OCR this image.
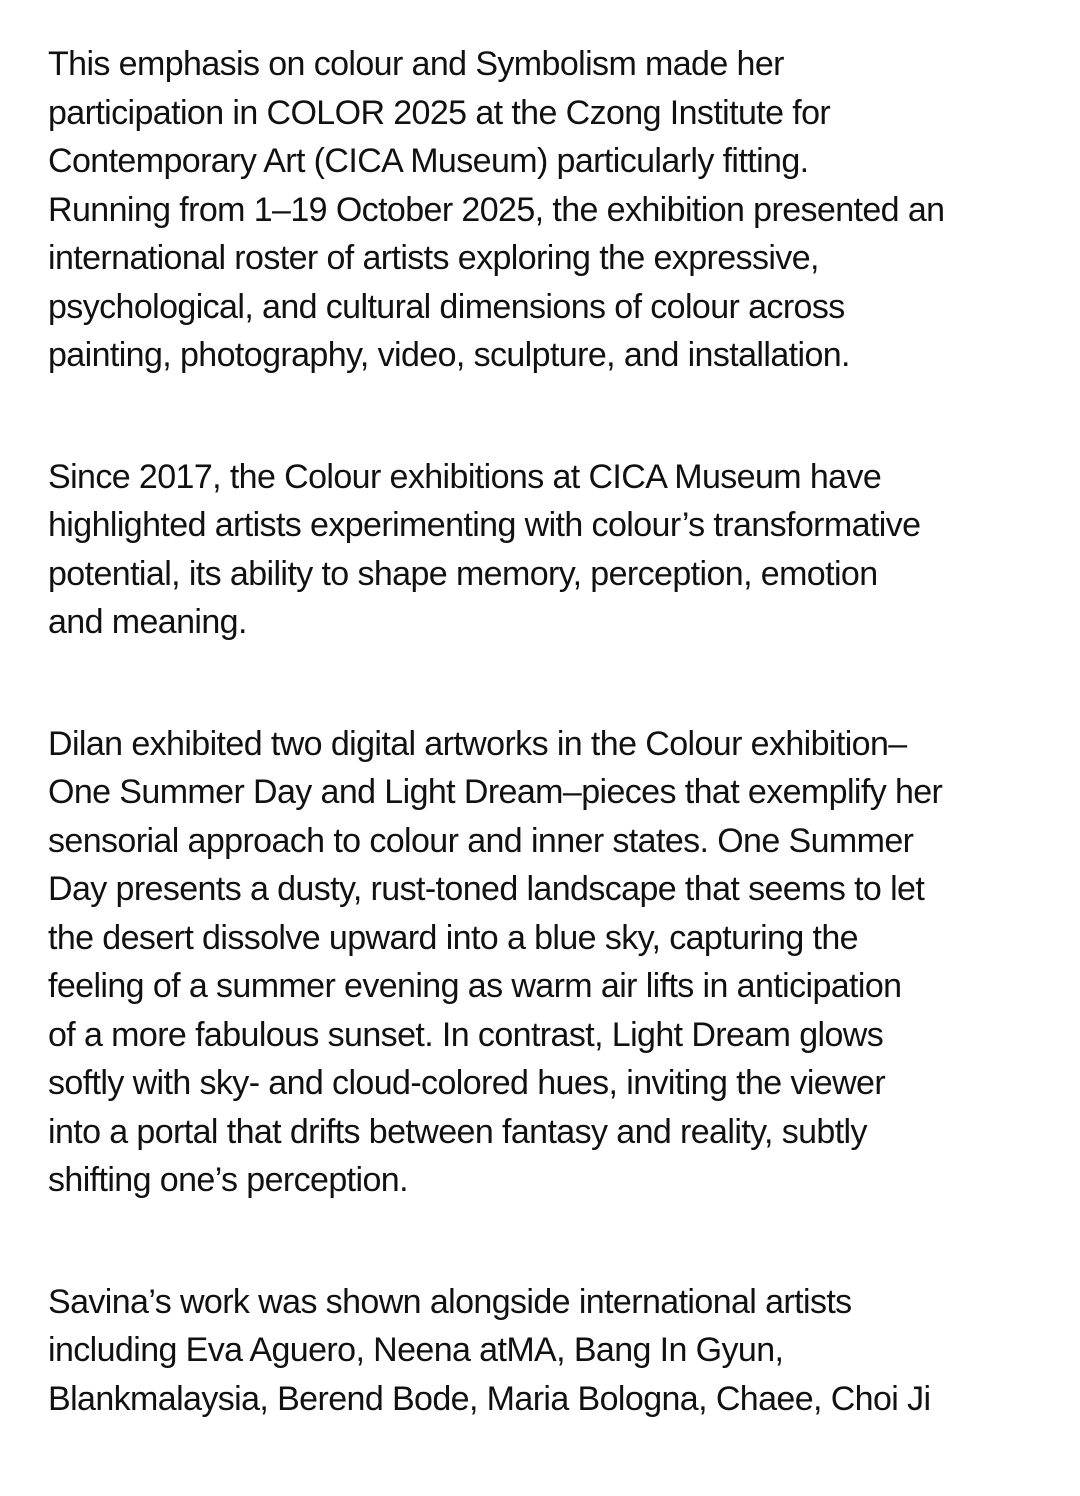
This emphasis on colour and Symbolism made her
participation in COLOR 2025 at the Czong Institute for
Contemporary Art (CICA Museum) particularly fitting.
Running from 1–19 October 2025, the exhibition presented an
international roster of artists exploring the expressive,
psychological, and cultural dimensions of colour across
painting, photography, video, sculpture, and installation.

Since 2017, the Colour exhibitions at CICA Museum have
highlighted artists experimenting with colour’s transformative
potential, its ability to shape memory, perception, emotion
and meaning.

Dilan exhibited two digital artworks in the Colour exhibition–
One Summer Day and Light Dream–pieces that exemplify her
sensorial approach to colour and inner states. One Summer
Day presents a dusty, rust-toned landscape that seems to let
the desert dissolve upward into a blue sky, capturing the
feeling of a summer evening as warm air lifts in anticipation
of a more fabulous sunset. In contrast, Light Dream glows
softly with sky- and cloud-colored hues, inviting the viewer
into a portal that drifts between fantasy and reality, subtly
shifting one’s perception.

Savina’s work was shown alongside international artists
including Eva Aguero, Neena atMA, Bang In Gyun,
Blankmalaysia, Berend Bode, Maria Bologna, Chaee, Choi Ji
